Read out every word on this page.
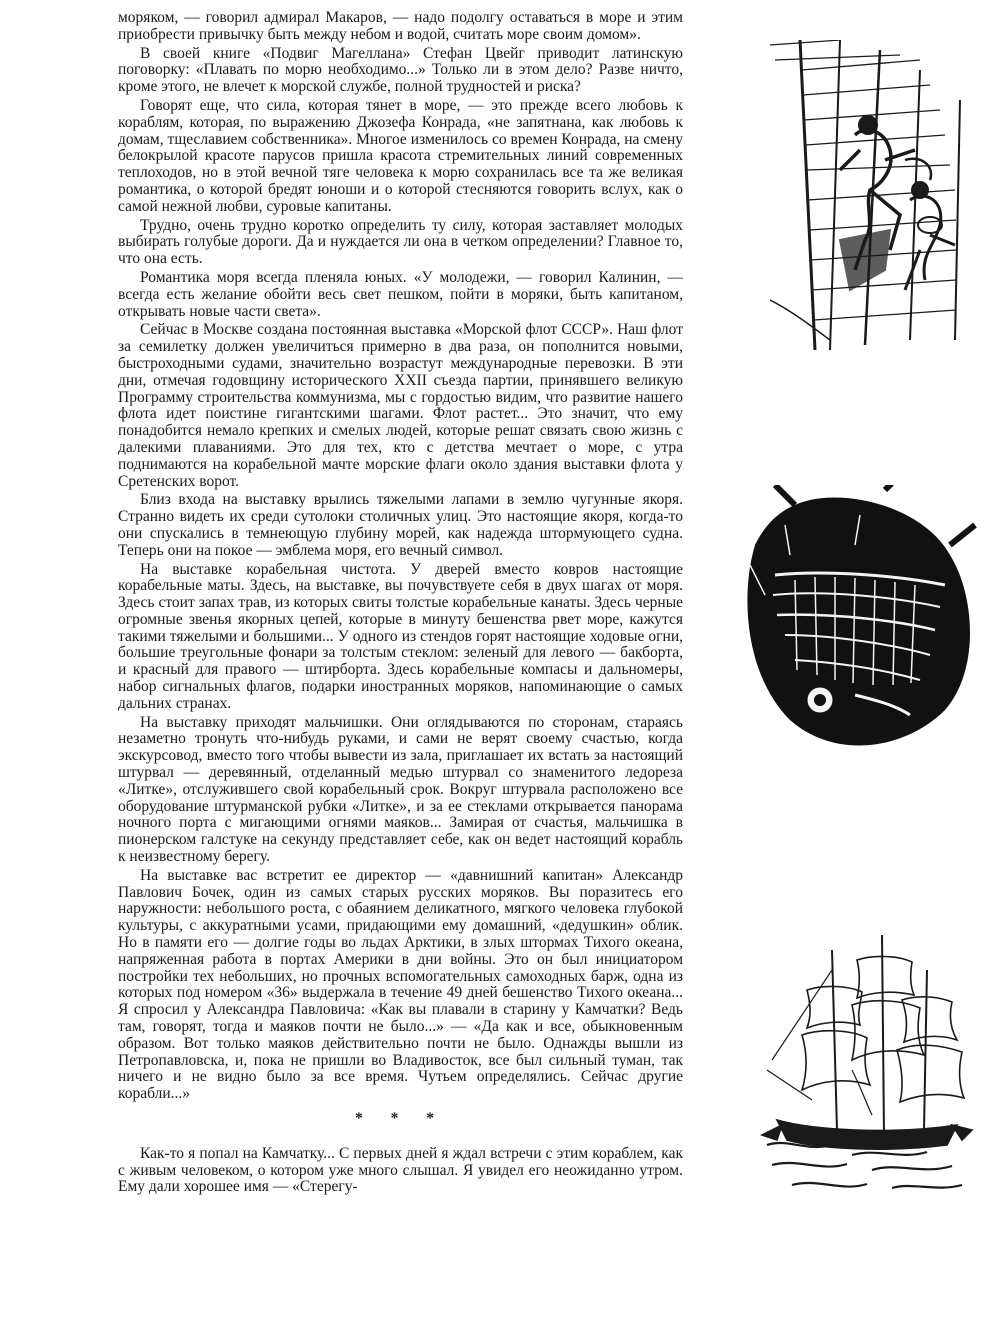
моряком, — говорил адмирал Макаров, — надо подолгу оставаться в море и этим приобрести привычку быть между небом и водой, считать море своим домом».

В своей книге «Подвиг Магеллана» Стефан Цвейг приводит латинскую поговорку: «Плавать по морю необходимо...» Только ли в этом дело? Разве ничто, кроме этого, не влечет к морской службе, полной трудностей и риска?

Говорят еще, что сила, которая тянет в море, — это прежде всего любовь к кораблям, которая, по выражению Джозефа Конрада, «не запятнана, как любовь к домам, тщеславием собственника». Многое изменилось со времен Конрада, на смену белокрылой красоте парусов пришла красота стремительных линий современных теплоходов, но в этой вечной тяге человека к морю сохранилась все та же великая романтика, о которой бредят юноши и о которой стесняются говорить вслух, как о самой нежной любви, суровые капитаны.

Трудно, очень трудно коротко определить ту силу, которая заставляет молодых выбирать голубые дороги. Да и нуждается ли она в четком определении? Главное то, что она есть.

Романтика моря всегда пленяла юных. «У молодежи, — говорил Калинин, — всегда есть желание обойти весь свет пешком, пойти в моряки, быть капитаном, открывать новые части света».

Сейчас в Москве создана постоянная выставка «Морской флот СССР». Наш флот за семилетку должен увеличиться примерно в два раза, он пополнится новыми, быстроходными судами, значительно возрастут международные перевозки. В эти дни, отмечая годовщину исторического XXII съезда партии, принявшего великую Программу строительства коммунизма, мы с гордостью видим, что развитие нашего флота идет поистине гигантскими шагами. Флот растет... Это значит, что ему понадобится немало крепких и смелых людей, которые решат связать свою жизнь с далекими плаваниями. Это для тех, кто с детства мечтает о море, с утра поднимаются на корабельной мачте морские флаги около здания выставки флота у Сретенских ворот.

Близ входа на выставку врылись тяжелыми лапами в землю чугунные якоря. Странно видеть их среди сутолоки столичных улиц. Это настоящие якоря, когда-то они спускались в темнеющую глубину морей, как надежда штормующего судна. Теперь они на покое — эмблема моря, его вечный символ.

На выставке корабельная чистота. У дверей вместо ковров настоящие корабельные маты. Здесь, на выставке, вы почувствуете себя в двух шагах от моря. Здесь стоит запах трав, из которых свиты толстые корабельные канаты. Здесь черные огромные звенья якорных цепей, которые в минуту бешенства рвет море, кажутся такими тяжелыми и большими... У одного из стендов горят настоящие ходовые огни, большие треугольные фонари за толстым стеклом: зеленый для левого — бакборта, и красный для правого — штирборта. Здесь корабельные компасы и дальномеры, набор сигнальных флагов, подарки иностранных моряков, напоминающие о самых дальних странах.

На выставку приходят мальчишки. Они оглядываются по сторонам, стараясь незаметно тронуть что-нибудь руками, и сами не верят своему счастью, когда экскурсовод, вместо того чтобы вывести из зала, приглашает их встать за настоящий штурвал — деревянный, отделанный медью штурвал со знаменитого ледореза «Литке», отслужившего свой корабельный срок. Вокруг штурвала расположено все оборудование штурманской рубки «Литке», и за ее стеклами открывается панорама ночного порта с мигающими огнями маяков... Замирая от счастья, мальчишка в пионерском галстуке на секунду представляет себе, как он ведет настоящий корабль к неизвестному берегу.

На выставке вас встретит ее директор — «давнишний капитан» Александр Павлович Бочек, один из самых старых русских моряков. Вы поразитесь его наружности: небольшого роста, с обаянием деликатного, мягкого человека глубокой культуры, с аккуратными усами, придающими ему домашний, «дедушкин» облик. Но в памяти его — долгие годы во льдах Арктики, в злых штормах Тихого океана, напряженная работа в портах Америки в дни войны. Это он был инициатором постройки тех небольших, но прочных вспомогательных самоходных барж, одна из которых под номером «36» выдержала в течение 49 дней бешенство Тихого океана... Я спросил у Александра Павловича: «Как вы плавали в старину у Камчатки? Ведь там, говорят, тогда и маяков почти не было...» — «Да как и все, обыкновенным образом. Вот только маяков действительно почти не было. Однажды вышли из Петропавловска, и, пока не пришли во Владивосток, все был сильный туман, так ничего и не видно было за все время. Чутьем определялись. Сейчас другие корабли...»

* * *

Как-то я попал на Камчатку... С первых дней я ждал встречи с этим кораблем, как с живым человеком, о котором уже много слышал. Я увидел его неожиданно утром. Ему дали хорошее имя — «Стерегу-
